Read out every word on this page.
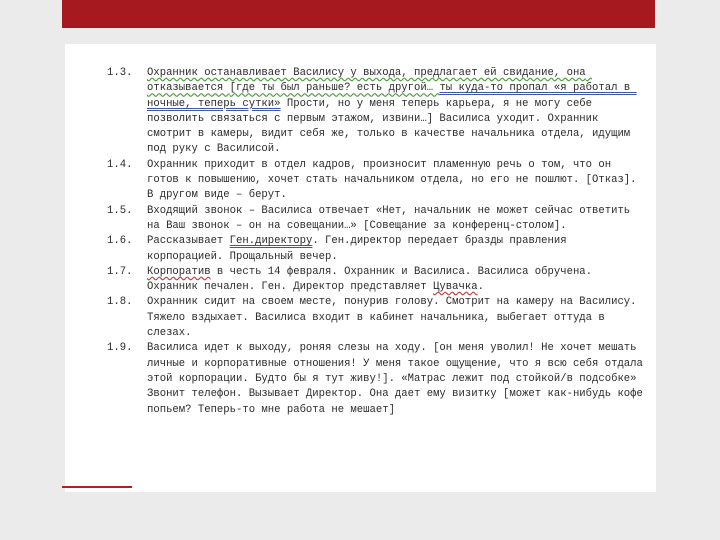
1.3.	Охранник останавливает Василису у выхода, предлагает ей свидание, она отказывается [где ты был раньше? есть другой… ты куда-то пропал «я работал в ночные, теперь сутки» Прости, но у меня теперь карьера, я не могу себе позволить связаться с первым этажом, извини…] Василиса уходит. Охранник смотрит в камеры, видит себя же, только в качестве начальника отдела, идущим под руку с Василисой.
1.4.	Охранник приходит в отдел кадров, произносит пламенную речь о том, что он готов к повышению, хочет стать начальником отдела, но его не пошлют. [Отказ]. В другом виде – берут.
1.5.	Входящий звонок – Василиса отвечает «Нет, начальник не может сейчас ответить на Ваш звонок – он на совещании…» [Совещание за конференц-столом].
1.6.	Рассказывает Ген.директору. Ген.директор передает бразды правления корпорацией. Прощальный вечер.
1.7.	Корпоратив в честь 14 февраля. Охранник и Василиса. Василиса обручена. Охранник печален. Ген. Директор представляет Цувачка.
1.8.	Охранник сидит на своем месте, понурив голову. Смотрит на камеру на Василису. Тяжело вздыхает. Василиса входит в кабинет начальника, выбегает оттуда в слезах.
1.9.	Василиса идет к выходу, роняя слезы на ходу. [он меня уволил! Не хочет мешать личные и корпоративные отношения! У меня такое ощущение, что я всю себя отдала этой корпорации. Будто бы я тут живу!]. «Матрас лежит под стойкой/в подсобке» Звонит телефон. Вызывает Директор. Она дает ему визитку [может как-нибудь кофе попьем? Теперь-то мне работа не мешает]
